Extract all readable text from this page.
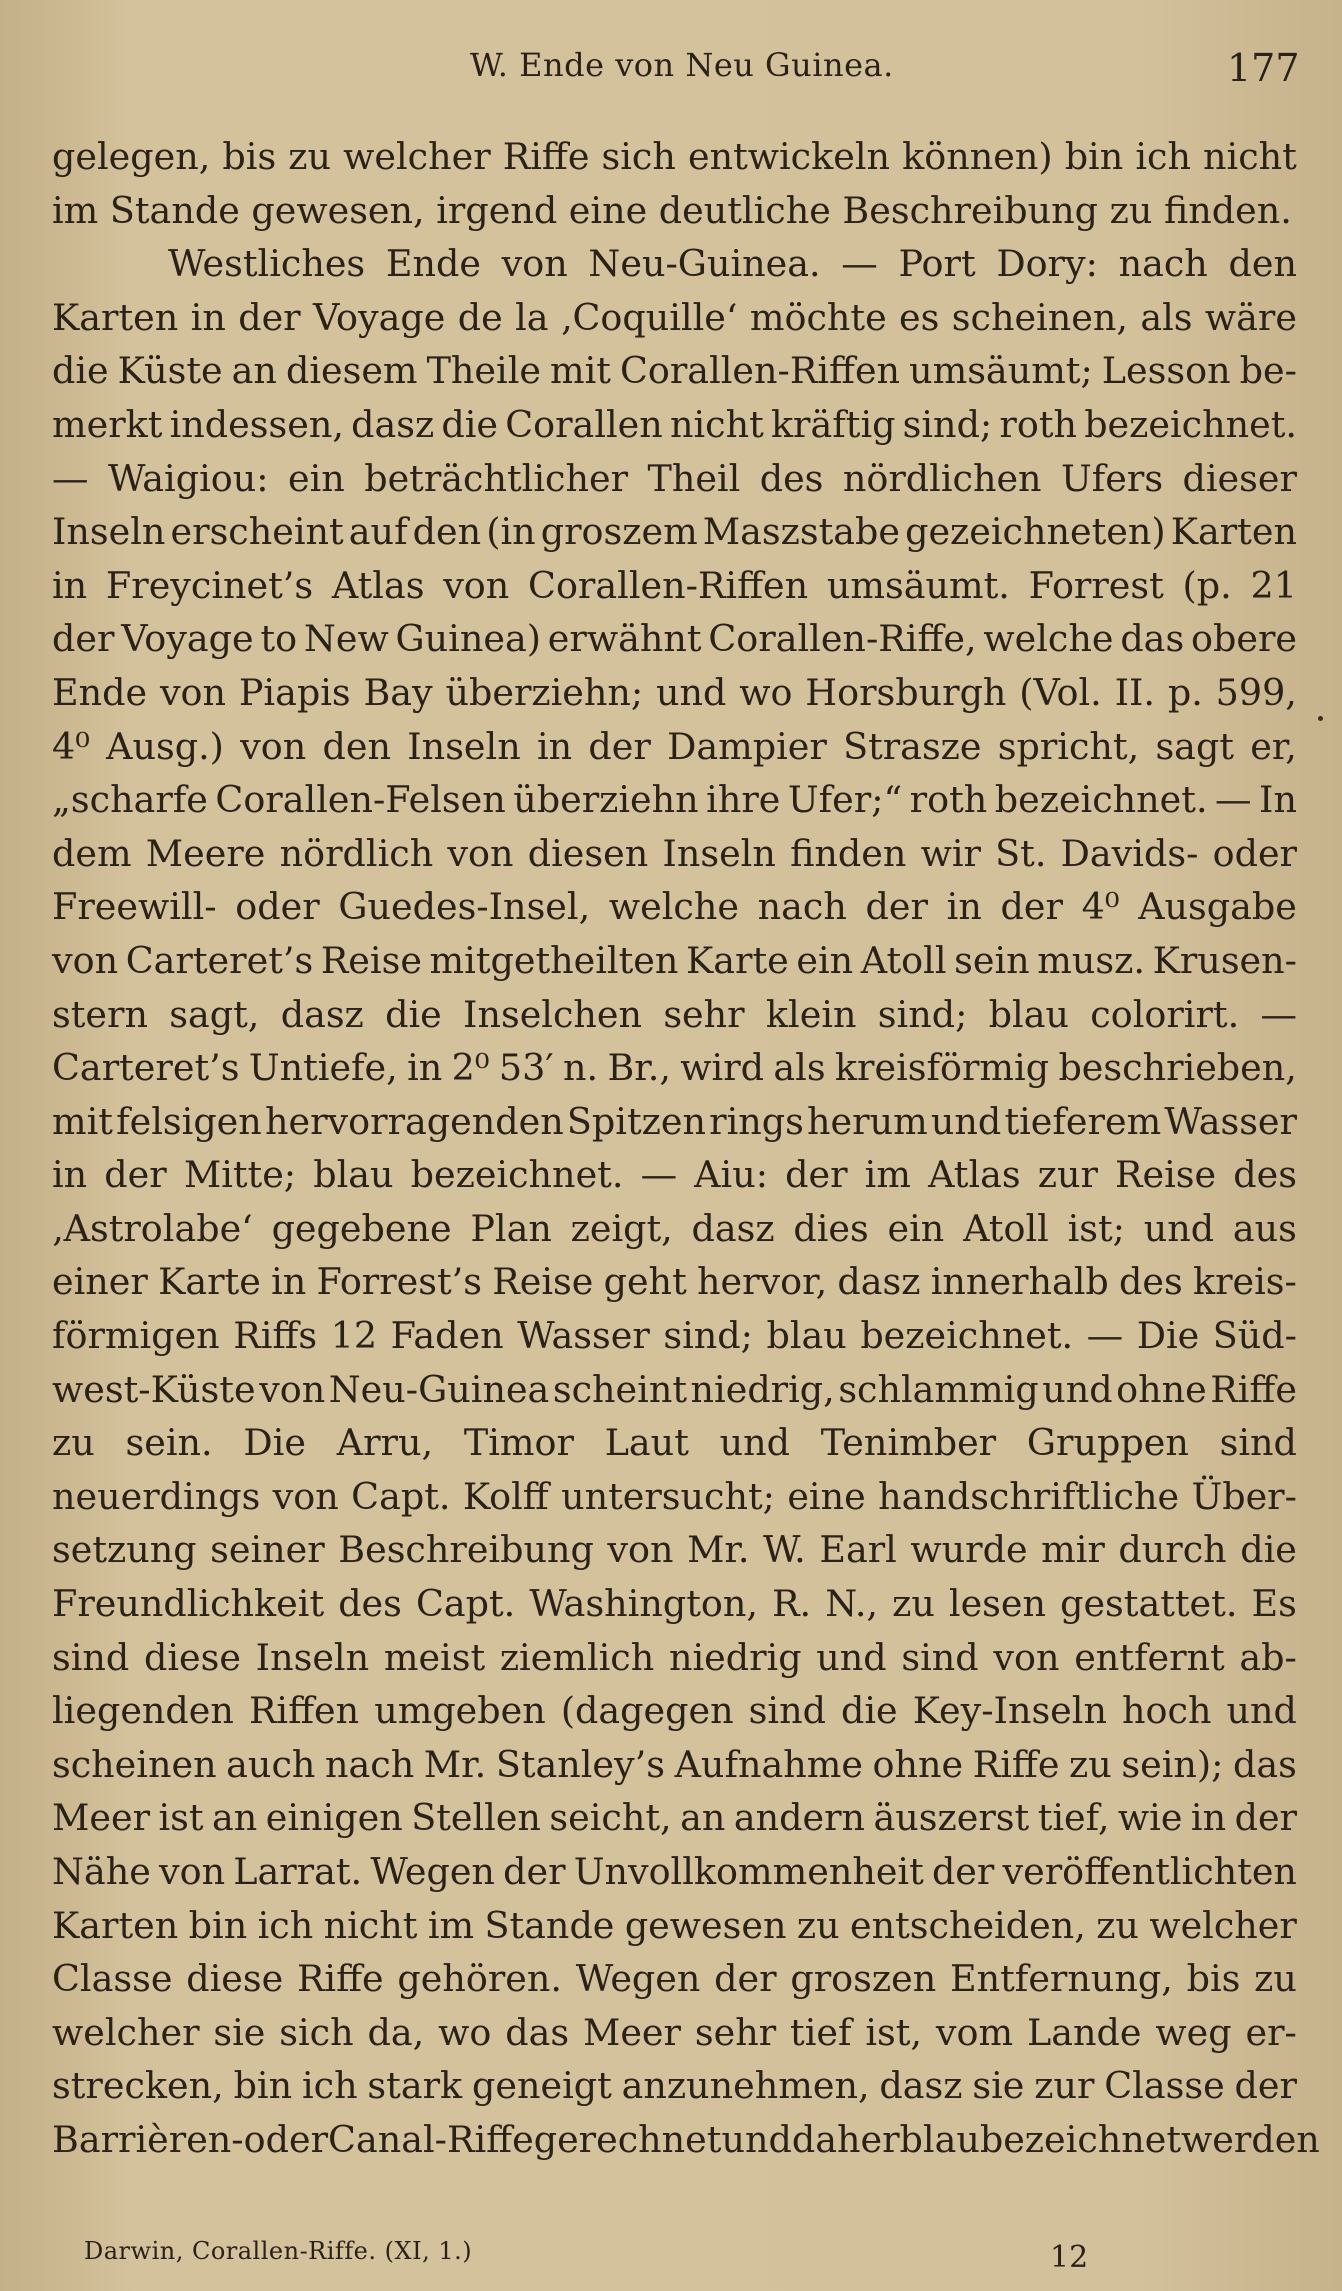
W. Ende von Neu Guinea.	177
gelegen, bis zu welcher Riffe sich entwickeln können) bin ich nicht
im Stande gewesen, irgend eine deutliche Beschreibung zu finden.
Westliches Ende von Neu-Guinea. — Port Dory: nach den
Karten in der Voyage de la ‚Coquille‘ möchte es scheinen, als wäre
die Küste an diesem Theile mit Corallen-Riffen umsäumt; Lesson be-
merkt indessen, dasz die Corallen nicht kräftig sind; roth bezeichnet.
— Waigiou: ein beträchtlicher Theil des nördlichen Ufers dieser
Inseln erscheint auf den (in groszem Maszstabe gezeichneten) Karten
in Freycinet’s Atlas von Corallen-Riffen umsäumt. Forrest (p. 21
der Voyage to New Guinea) erwähnt Corallen-Riffe, welche das obere
Ende von Piapis Bay überziehn; und wo Horsburgh (Vol. II. p. 599,
4⁰ Ausg.) von den Inseln in der Dampier Strasze spricht, sagt er,
„scharfe Corallen-Felsen überziehn ihre Ufer;“ roth bezeichnet. — In
dem Meere nördlich von diesen Inseln finden wir St. Davids- oder
Freewill- oder Guedes-Insel, welche nach der in der 4⁰ Ausgabe
von Carteret’s Reise mitgetheilten Karte ein Atoll sein musz. Krusen-
stern sagt, dasz die Inselchen sehr klein sind; blau colorirt. —
Carteret’s Untiefe, in 2⁰ 53′ n. Br., wird als kreisförmig beschrieben,
mit felsigen hervorragenden Spitzen rings herum und tieferem Wasser
in der Mitte; blau bezeichnet. — Aiu: der im Atlas zur Reise des
‚Astrolabe‘ gegebene Plan zeigt, dasz dies ein Atoll ist; und aus
einer Karte in Forrest’s Reise geht hervor, dasz innerhalb des kreis-
förmigen Riffs 12 Faden Wasser sind; blau bezeichnet. — Die Süd-
west-Küste von Neu-Guinea scheint niedrig, schlammig und ohne Riffe
zu sein. Die Arru, Timor Laut und Tenimber Gruppen sind
neuerdings von Capt. Kolff untersucht; eine handschriftliche Über-
setzung seiner Beschreibung von Mr. W. Earl wurde mir durch die
Freundlichkeit des Capt. Washington, R. N., zu lesen gestattet. Es
sind diese Inseln meist ziemlich niedrig und sind von entfernt ab-
liegenden Riffen umgeben (dagegen sind die Key-Inseln hoch und
scheinen auch nach Mr. Stanley’s Aufnahme ohne Riffe zu sein); das
Meer ist an einigen Stellen seicht, an andern äuszerst tief, wie in der
Nähe von Larrat. Wegen der Unvollkommenheit der veröffentlichten
Karten bin ich nicht im Stande gewesen zu entscheiden, zu welcher
Classe diese Riffe gehören. Wegen der groszen Entfernung, bis zu
welcher sie sich da, wo das Meer sehr tief ist, vom Lande weg er-
strecken, bin ich stark geneigt anzunehmen, dasz sie zur Classe der
Barrièren- oder Canal-Riffe gerechnet und daher blau bezeichnet werden
Darwin, Corallen-Riffe. (XI, 1.)	12
